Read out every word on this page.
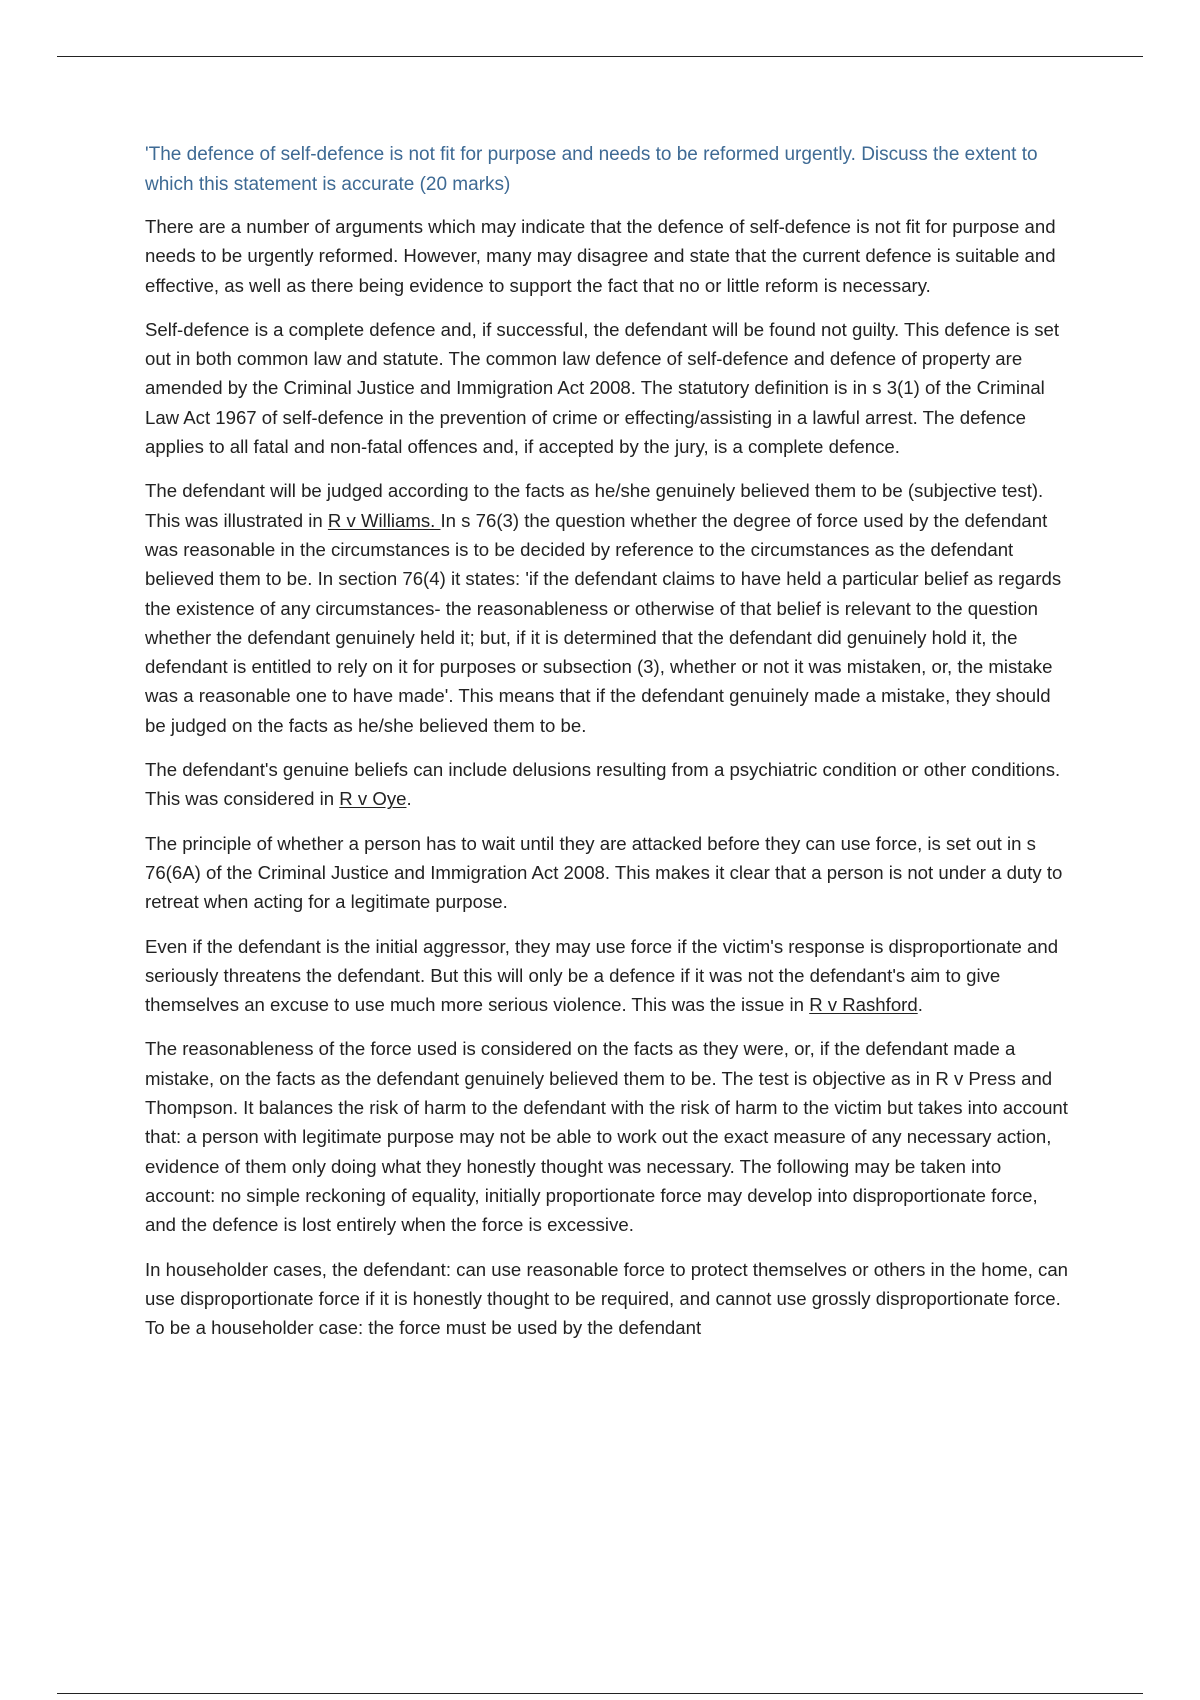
'The defence of self-defence is not fit for purpose and needs to be reformed urgently. Discuss the extent to which this statement is accurate (20 marks)

There are a number of arguments which may indicate that the defence of self-defence is not fit for purpose and needs to be urgently reformed. However, many may disagree and state that the current defence is suitable and effective, as well as there being evidence to support the fact that no or little reform is necessary.

Self-defence is a complete defence and, if successful, the defendant will be found not guilty. This defence is set out in both common law and statute. The common law defence of self-defence and defence of property are amended by the Criminal Justice and Immigration Act 2008. The statutory definition is in s 3(1) of the Criminal Law Act 1967 of self-defence in the prevention of crime or effecting/assisting in a lawful arrest. The defence applies to all fatal and non-fatal offences and, if accepted by the jury, is a complete defence.

The defendant will be judged according to the facts as he/she genuinely believed them to be (subjective test). This was illustrated in R v Williams. In s 76(3) the question whether the degree of force used by the defendant was reasonable in the circumstances is to be decided by reference to the circumstances as the defendant believed them to be. In section 76(4) it states: 'if the defendant claims to have held a particular belief as regards the existence of any circumstances- the reasonableness or otherwise of that belief is relevant to the question whether the defendant genuinely held it; but, if it is determined that the defendant did genuinely hold it, the defendant is entitled to rely on it for purposes or subsection (3), whether or not it was mistaken, or, the mistake was a reasonable one to have made'. This means that if the defendant genuinely made a mistake, they should be judged on the facts as he/she believed them to be.

The defendant's genuine beliefs can include delusions resulting from a psychiatric condition or other conditions. This was considered in R v Oye.

The principle of whether a person has to wait until they are attacked before they can use force, is set out in s 76(6A) of the Criminal Justice and Immigration Act 2008. This makes it clear that a person is not under a duty to retreat when acting for a legitimate purpose.

Even if the defendant is the initial aggressor, they may use force if the victim's response is disproportionate and seriously threatens the defendant. But this will only be a defence if it was not the defendant's aim to give themselves an excuse to use much more serious violence. This was the issue in R v Rashford.

The reasonableness of the force used is considered on the facts as they were, or, if the defendant made a mistake, on the facts as the defendant genuinely believed them to be. The test is objective as in R v Press and Thompson. It balances the risk of harm to the defendant with the risk of harm to the victim but takes into account that: a person with legitimate purpose may not be able to work out the exact measure of any necessary action, evidence of them only doing what they honestly thought was necessary. The following may be taken into account: no simple reckoning of equality, initially proportionate force may develop into disproportionate force, and the defence is lost entirely when the force is excessive.

In householder cases, the defendant: can use reasonable force to protect themselves or others in the home, can use disproportionate force if it is honestly thought to be required, and cannot use grossly disproportionate force. To be a householder case: the force must be used by the defendant
